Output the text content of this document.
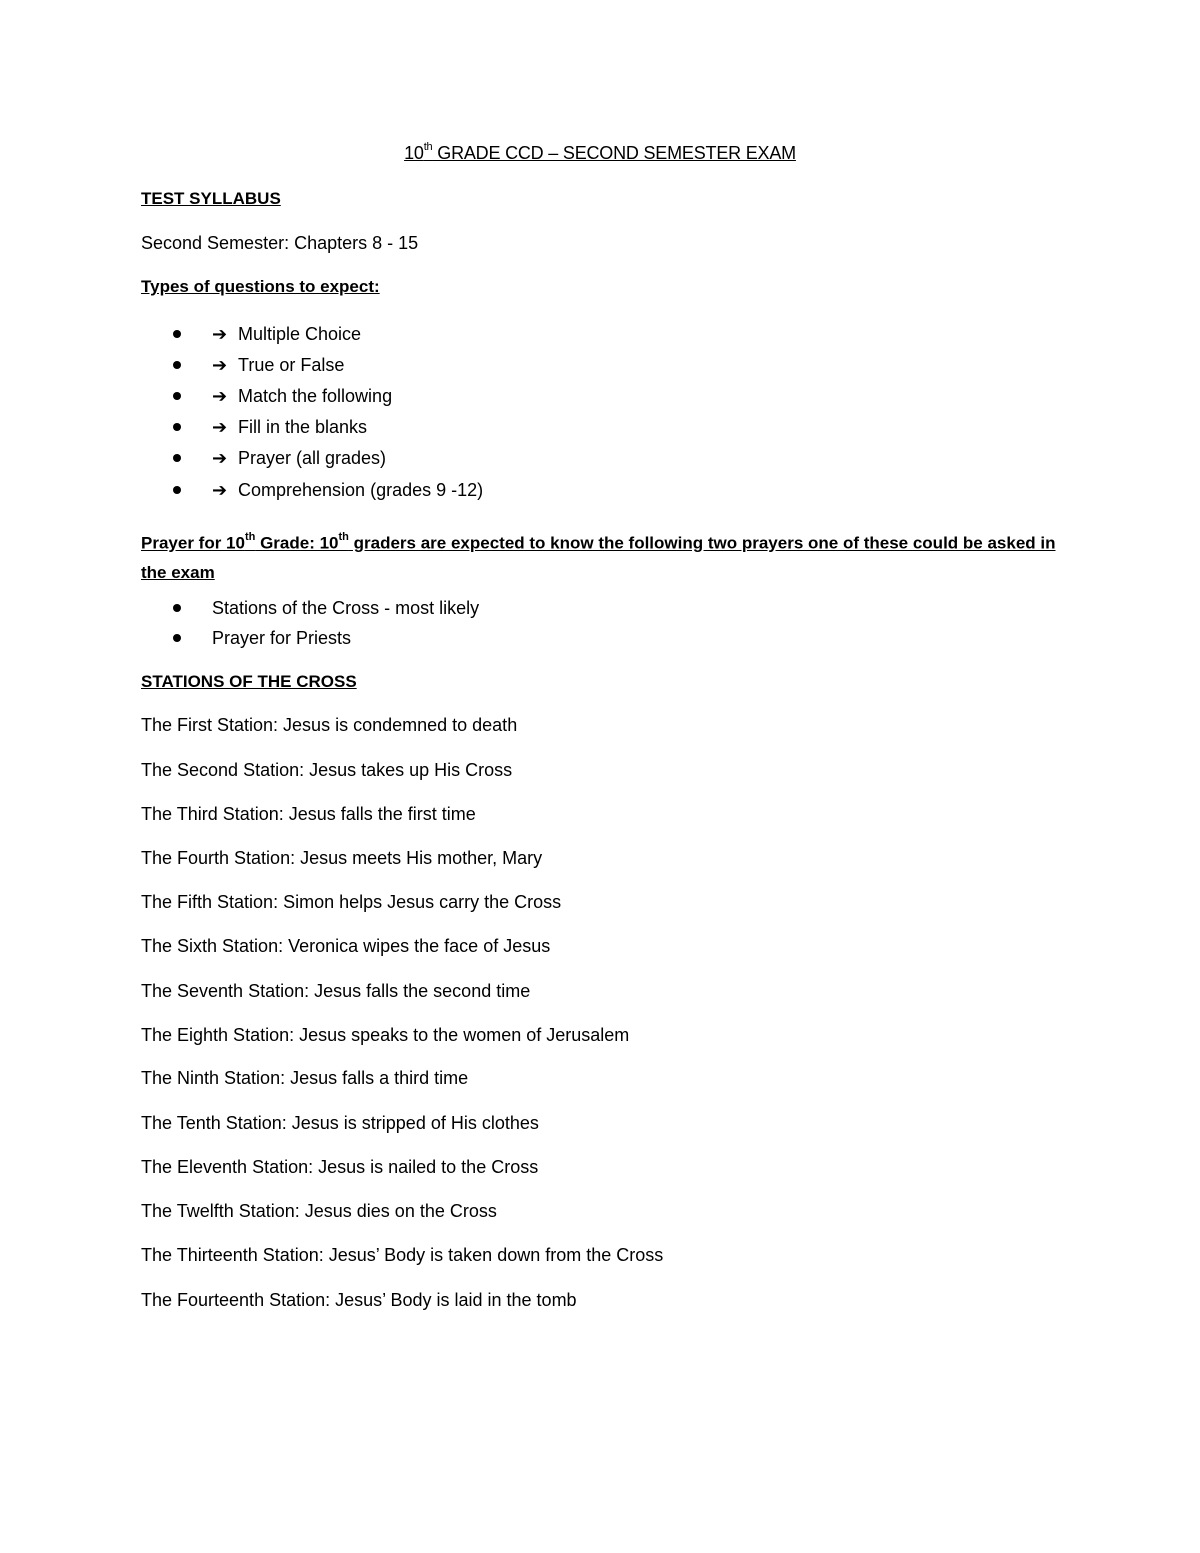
10th GRADE CCD – SECOND SEMESTER EXAM
TEST SYLLABUS
Second Semester: Chapters 8 - 15
Types of questions to expect:
➔ Multiple Choice
➔ True or False
➔ Match the following
➔ Fill in the blanks
➔ Prayer (all grades)
➔ Comprehension (grades 9 -12)
Prayer for 10th Grade: 10th graders are expected to know the following two prayers one of these could be asked in the exam
Stations of the Cross - most likely
Prayer for Priests
STATIONS OF THE CROSS
The First Station: Jesus is condemned to death
The Second Station: Jesus takes up His Cross
The Third Station: Jesus falls the first time
The Fourth Station: Jesus meets His mother, Mary
The Fifth Station: Simon helps Jesus carry the Cross
The Sixth Station: Veronica wipes the face of Jesus
The Seventh Station: Jesus falls the second time
The Eighth Station: Jesus speaks to the women of Jerusalem
The Ninth Station: Jesus falls a third time
The Tenth Station: Jesus is stripped of His clothes
The Eleventh Station: Jesus is nailed to the Cross
The Twelfth Station: Jesus dies on the Cross
The Thirteenth Station: Jesus’ Body is taken down from the Cross
The Fourteenth Station: Jesus’ Body is laid in the tomb
